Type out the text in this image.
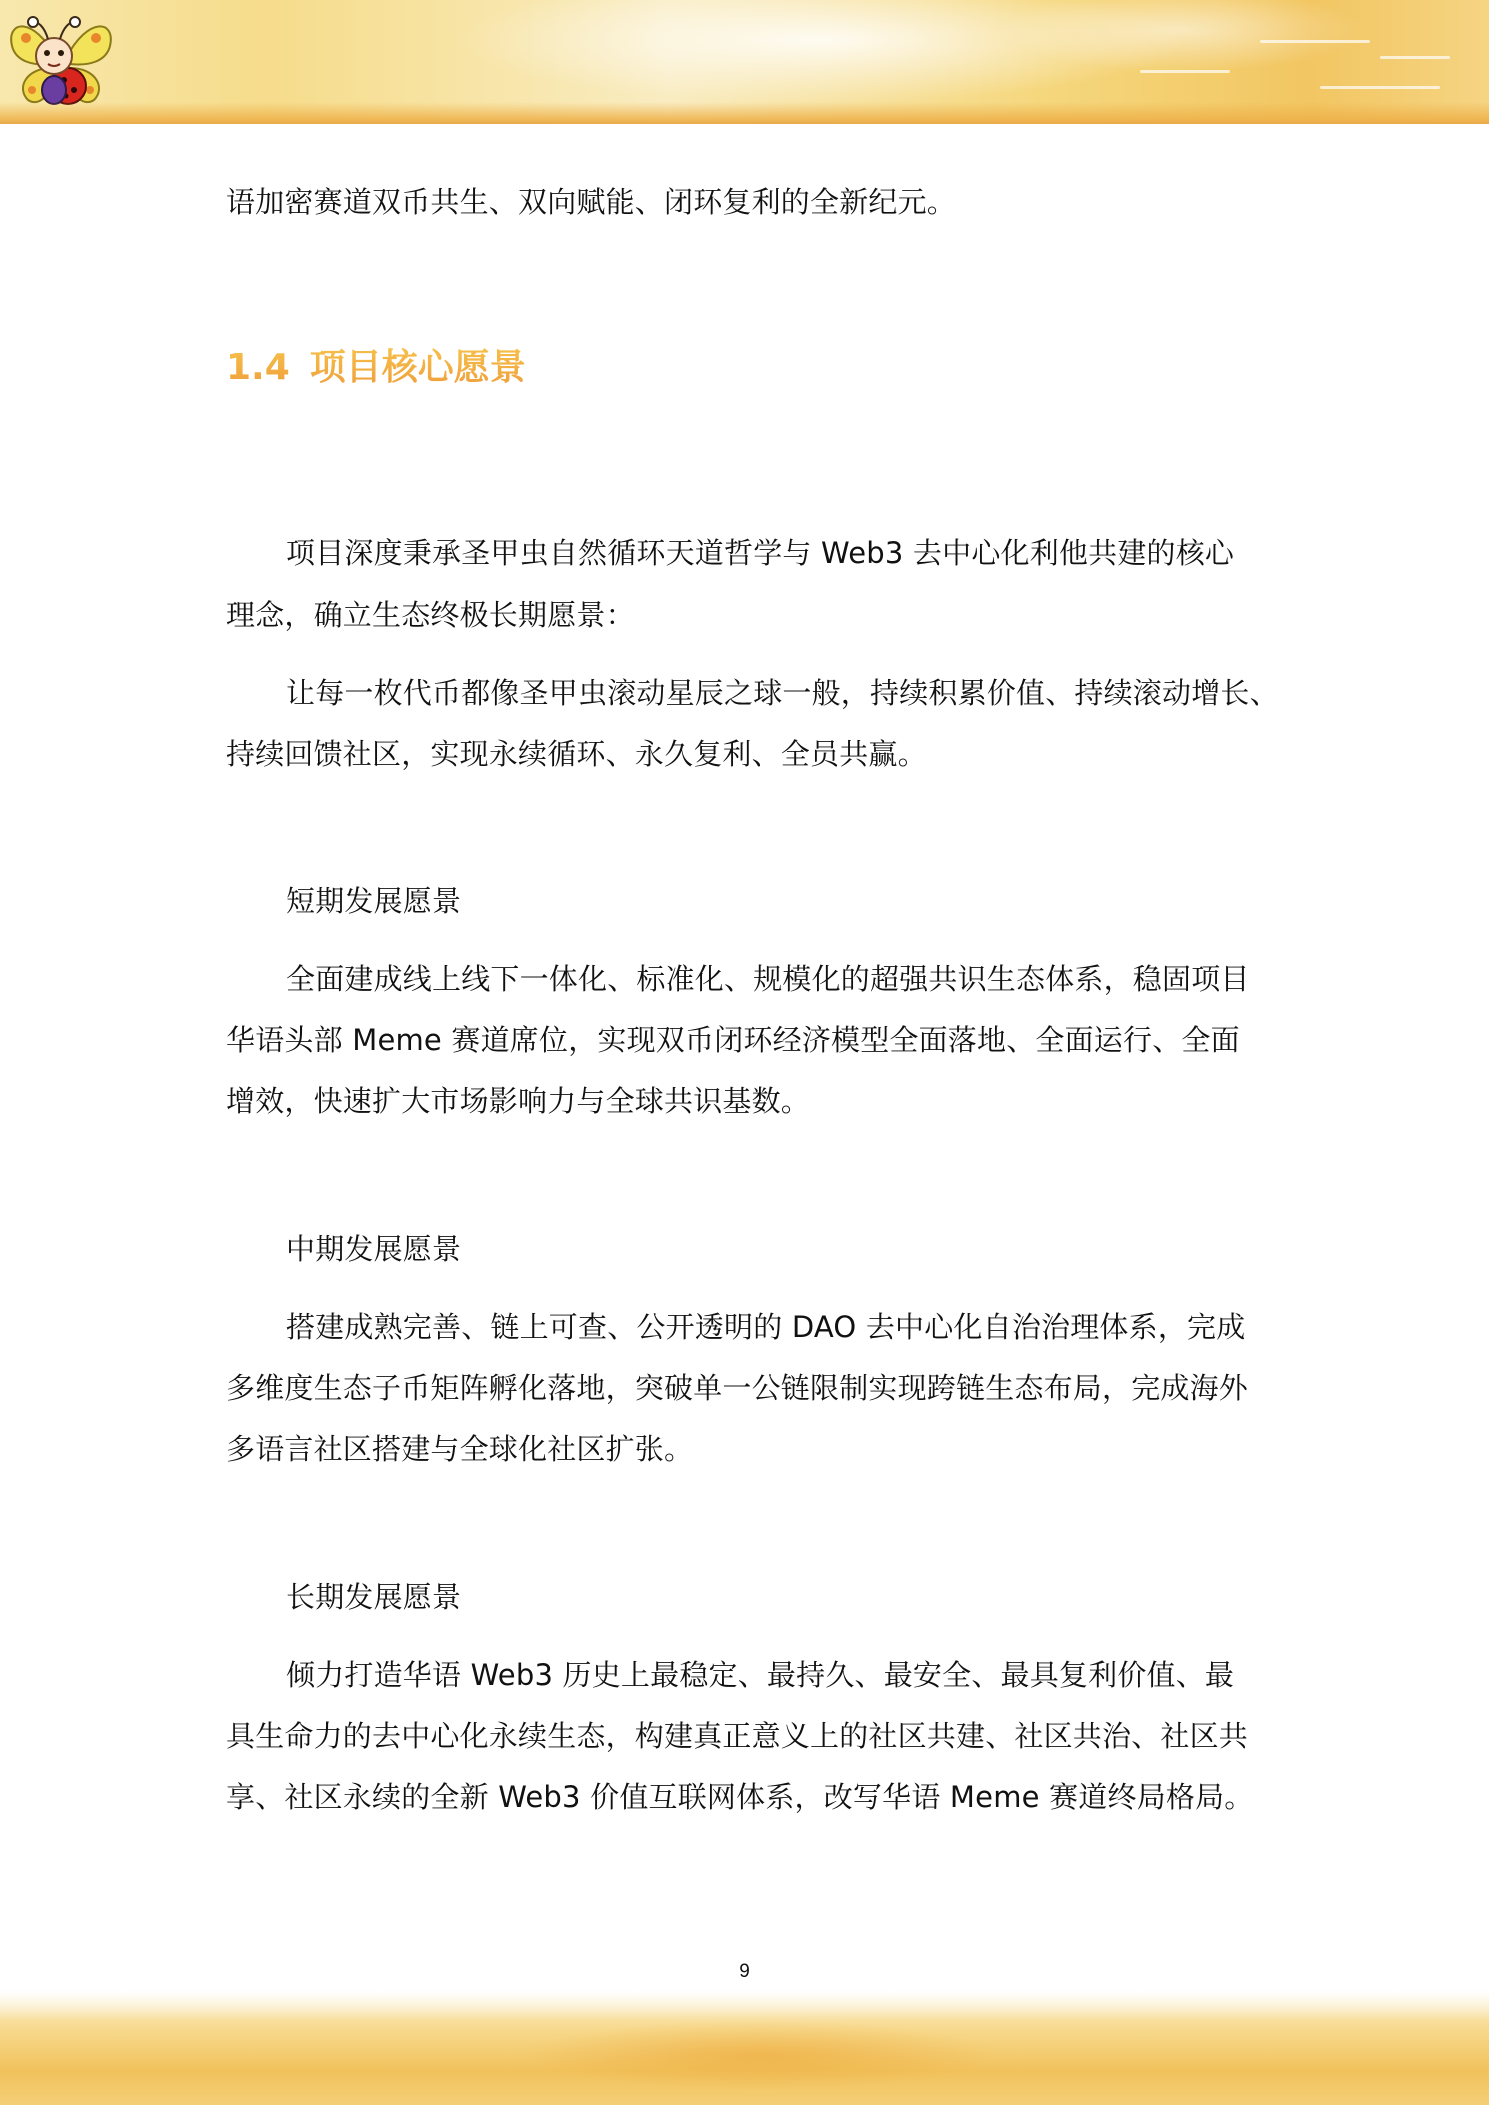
语加密赛道双币共生、双向赋能、闭环复利的全新纪元。
1.4 项目核心愿景
项目深度秉承圣甲虫自然循环天道哲学与 Web3 去中心化利他共建的核心
理念，确立生态终极长期愿景：
让每一枚代币都像圣甲虫滚动星辰之球一般，持续积累价值、持续滚动增长、
持续回馈社区，实现永续循环、永久复利、全员共赢。
短期发展愿景
全面建成线上线下一体化、标准化、规模化的超强共识生态体系，稳固项目
华语头部 Meme 赛道席位，实现双币闭环经济模型全面落地、全面运行、全面
增效，快速扩大市场影响力与全球共识基数。
中期发展愿景
搭建成熟完善、链上可查、公开透明的 DAO 去中心化自治治理体系，完成
多维度生态子币矩阵孵化落地，突破单一公链限制实现跨链生态布局，完成海外
多语言社区搭建与全球化社区扩张。
长期发展愿景
倾力打造华语 Web3 历史上最稳定、最持久、最安全、最具复利价值、最
具生命力的去中心化永续生态，构建真正意义上的社区共建、社区共治、社区共
享、社区永续的全新 Web3 价值互联网体系，改写华语 Meme 赛道终局格局。
9
